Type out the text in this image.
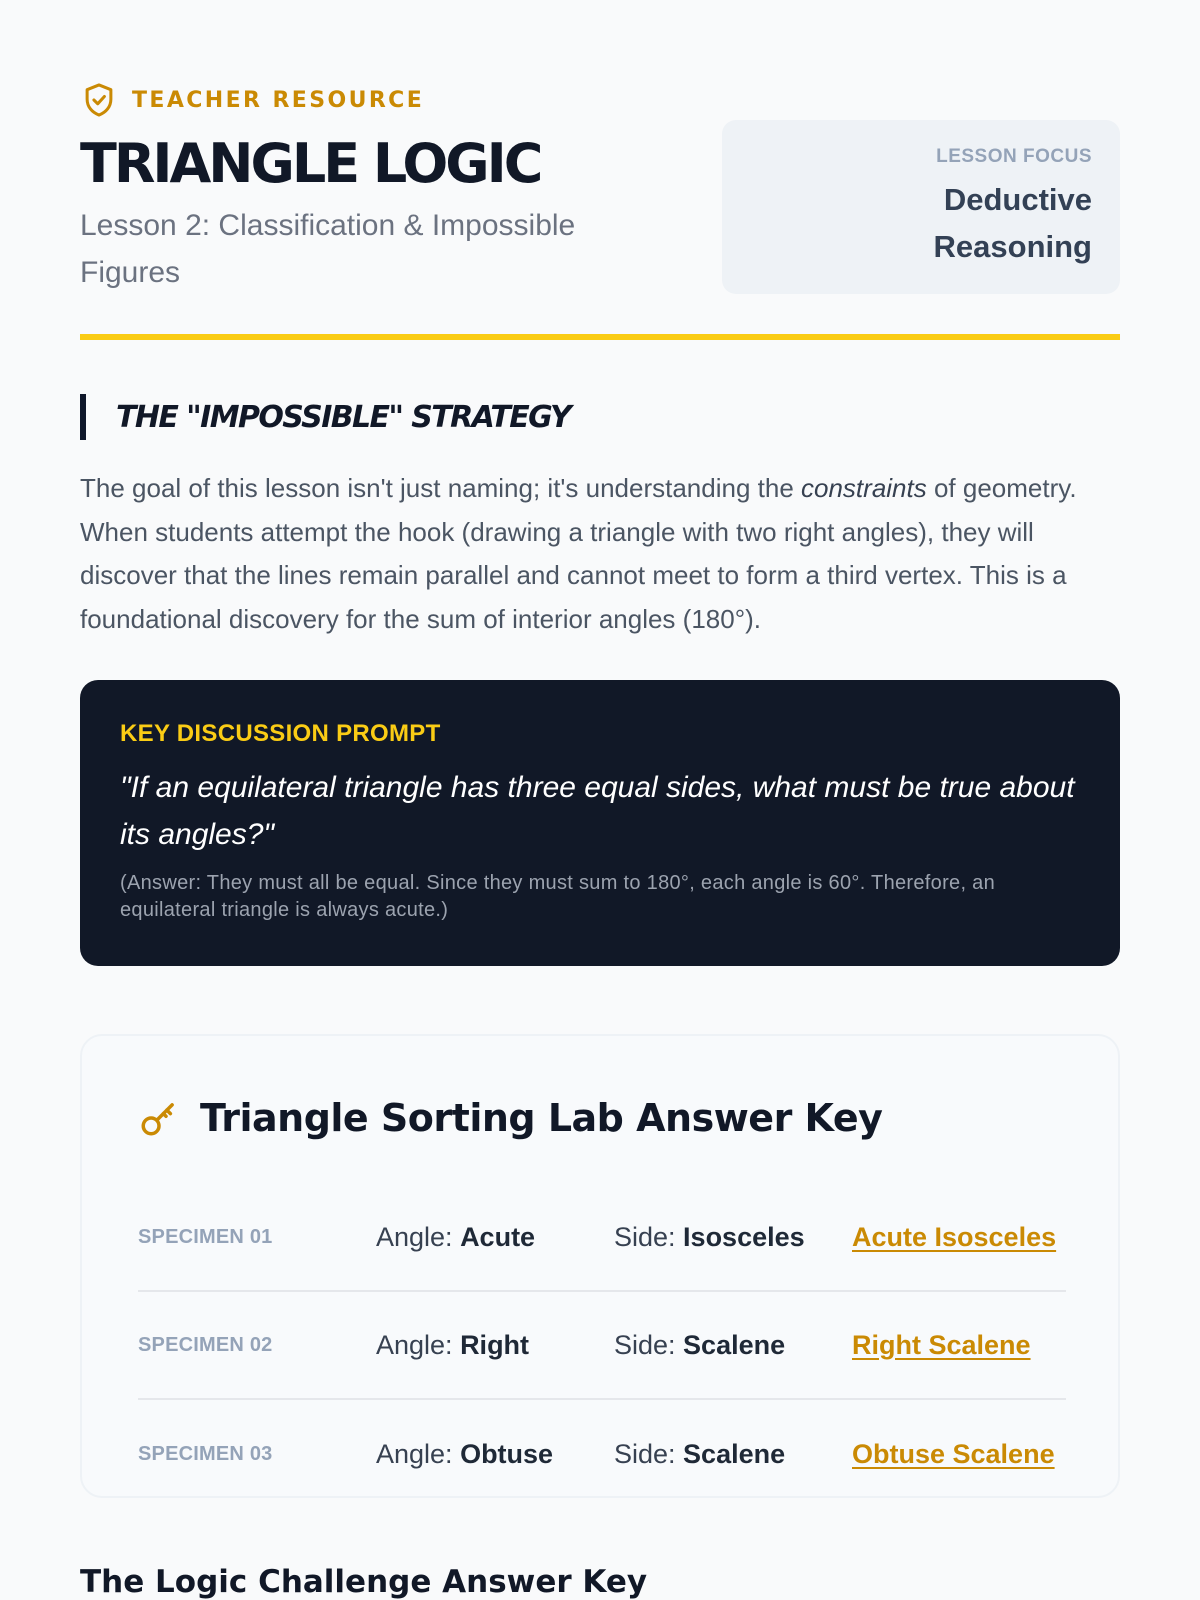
TEACHER RESOURCE
TRIANGLE LOGIC

Lesson 2: Classification & Impossible Figures

LESSON FOCUS
Deductive Reasoning
THE "IMPOSSIBLE" STRATEGY

The goal of this lesson isn't just naming; it's understanding the constraints of geometry. When students attempt the hook (drawing a triangle with two right angles), they will discover that the lines remain parallel and cannot meet to form a third vertex. This is a foundational discovery for the sum of interior angles (180°).

KEY DISCUSSION PROMPT
"If an equilateral triangle has three equal sides, what must be true about its angles?"
(Answer: They must all be equal. Since they must sum to 180°, each angle is 60°. Therefore, an equilateral triangle is always acute.)
Triangle Sorting Lab Answer Key
SPECIMEN 01	Angle: Acute	Side: Isosceles	Acute Isosceles
SPECIMEN 02	Angle: Right	Side: Scalene	Right Scalene
SPECIMEN 03	Angle: Obtuse	Side: Scalene	Obtuse Scalene
The Logic Challenge Answer Key
